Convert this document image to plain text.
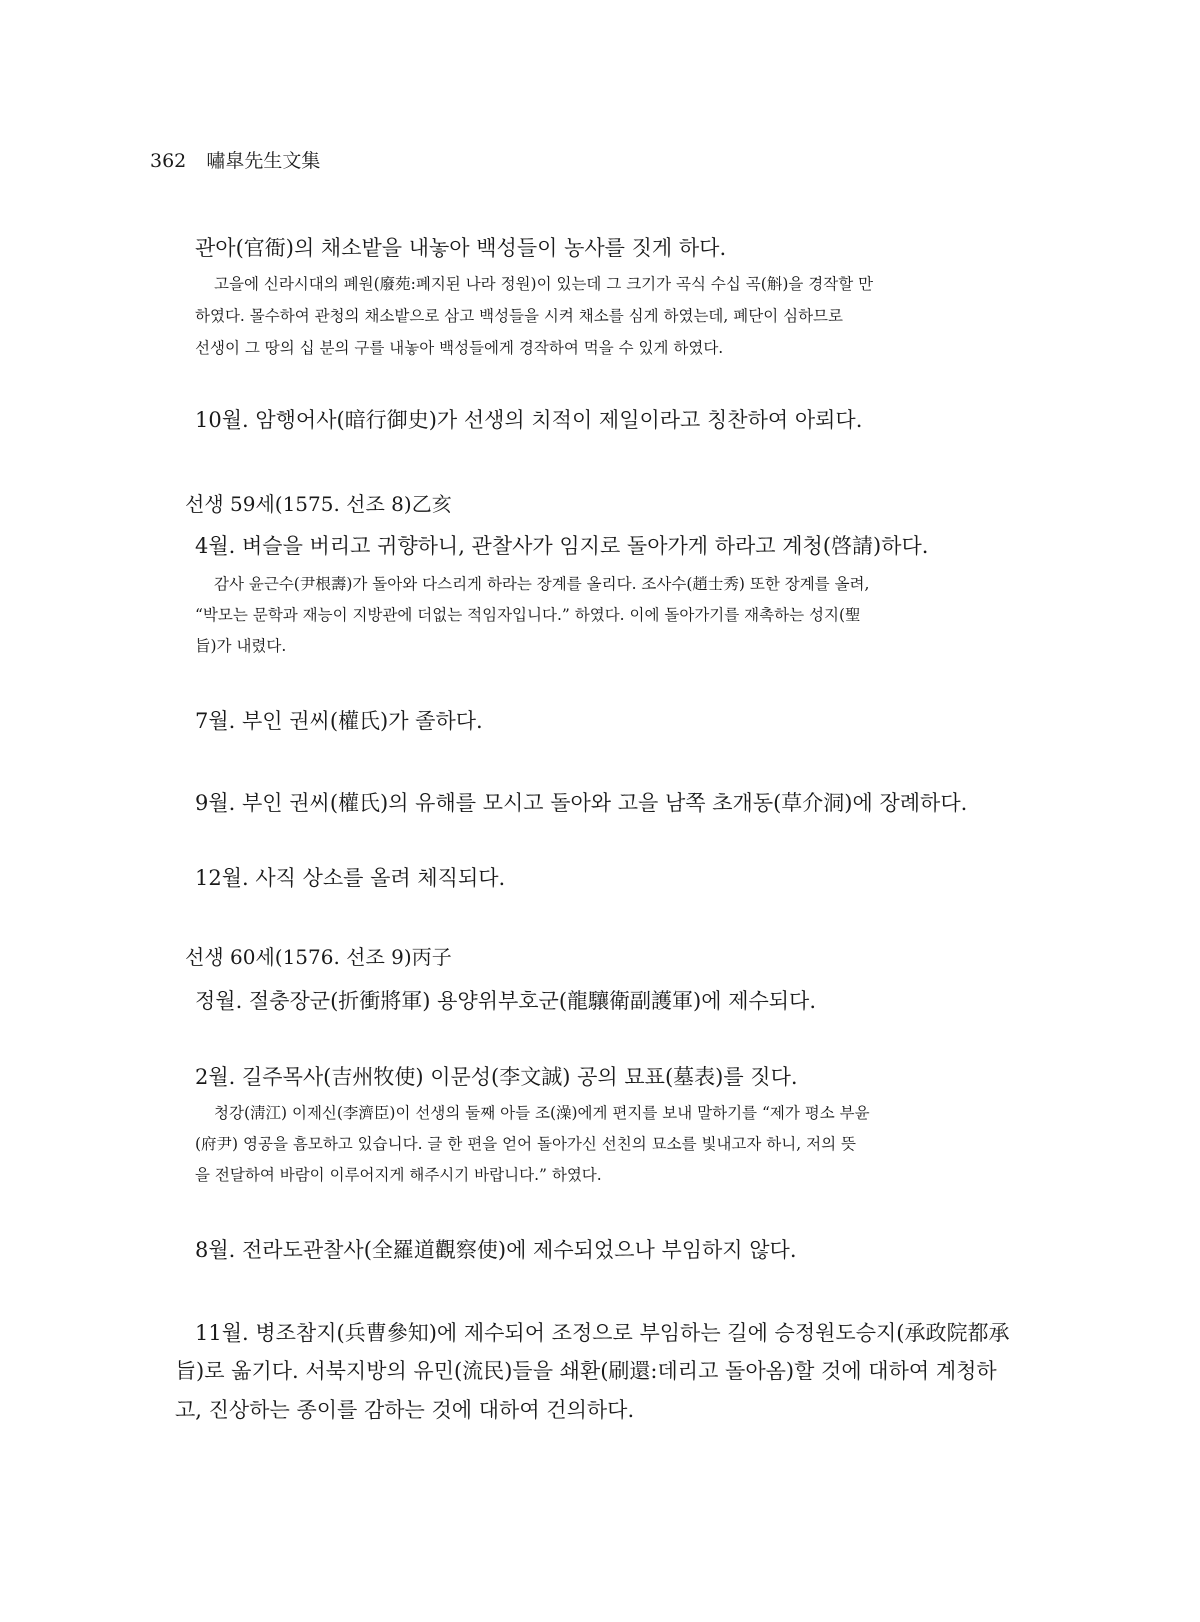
362 嘯皐先生文集
관아(官衙)의 채소밭을 내놓아 백성들이 농사를 짓게 하다.
고을에 신라시대의 폐원(廢苑:폐지된 나라 정원)이 있는데 그 크기가 곡식 수십 곡(斛)을 경작할 만
하였다. 몰수하여 관청의 채소밭으로 삼고 백성들을 시켜 채소를 심게 하였는데, 폐단이 심하므로
선생이 그 땅의 십 분의 구를 내놓아 백성들에게 경작하여 먹을 수 있게 하였다.
10월. 암행어사(暗行御史)가 선생의 치적이 제일이라고 칭찬하여 아뢰다.
선생 59세(1575. 선조 8)乙亥
4월. 벼슬을 버리고 귀향하니, 관찰사가 임지로 돌아가게 하라고 계청(啓請)하다.
감사 윤근수(尹根壽)가 돌아와 다스리게 하라는 장계를 올리다. 조사수(趙士秀) 또한 장계를 올려,
“박모는 문학과 재능이 지방관에 더없는 적임자입니다.” 하였다. 이에 돌아가기를 재촉하는 성지(聖
旨)가 내렸다.
7월. 부인 권씨(權氏)가 졸하다.
9월. 부인 권씨(權氏)의 유해를 모시고 돌아와 고을 남쪽 초개동(草介洞)에 장례하다.
12월. 사직 상소를 올려 체직되다.
선생 60세(1576. 선조 9)丙子
정월. 절충장군(折衝將軍) 용양위부호군(龍驤衛副護軍)에 제수되다.
2월. 길주목사(吉州牧使) 이문성(李文誠) 공의 묘표(墓表)를 짓다.
청강(淸江) 이제신(李濟臣)이 선생의 둘째 아들 조(澡)에게 편지를 보내 말하기를 “제가 평소 부윤
(府尹) 영공을 흠모하고 있습니다. 글 한 편을 얻어 돌아가신 선친의 묘소를 빛내고자 하니, 저의 뜻
을 전달하여 바람이 이루어지게 해주시기 바랍니다.” 하였다.
8월. 전라도관찰사(全羅道觀察使)에 제수되었으나 부임하지 않다.
11월. 병조참지(兵曹參知)에 제수되어 조정으로 부임하는 길에 승정원도승지(承政院都承
旨)로 옮기다. 서북지방의 유민(流民)들을 쇄환(刷還:데리고 돌아옴)할 것에 대하여 계청하
고, 진상하는 종이를 감하는 것에 대하여 건의하다.
